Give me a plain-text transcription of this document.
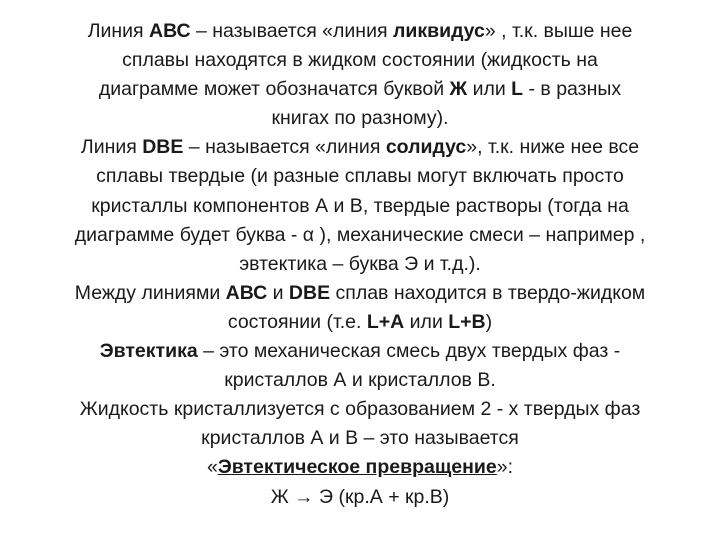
Линия АВС – называется «линия ликвидус» , т.к. выше нее
сплавы находятся в жидком состоянии (жидкость на
диаграмме может обозначатся буквой Ж или L - в разных
книгах по разному).
Линия DBE – называется «линия солидус», т.к. ниже нее все
сплавы твердые (и разные сплавы могут включать просто
кристаллы компонентов А и В, твердые растворы (тогда на
диаграмме будет буква - α ), механические смеси – например ,
эвтектика – буква Э и т.д.).
Между линиями АВС и DBE сплав находится в твердо-жидком
состоянии (т.е. L+A или L+B)
Эвтектика – это механическая смесь двух твердых фаз -
кристаллов А и кристаллов В.
Жидкость кристаллизуется с образованием 2 - х твердых фаз
кристаллов А и В – это называется
«Эвтектическое превращение»:
Ж → Э (кр.А + кр.В)
